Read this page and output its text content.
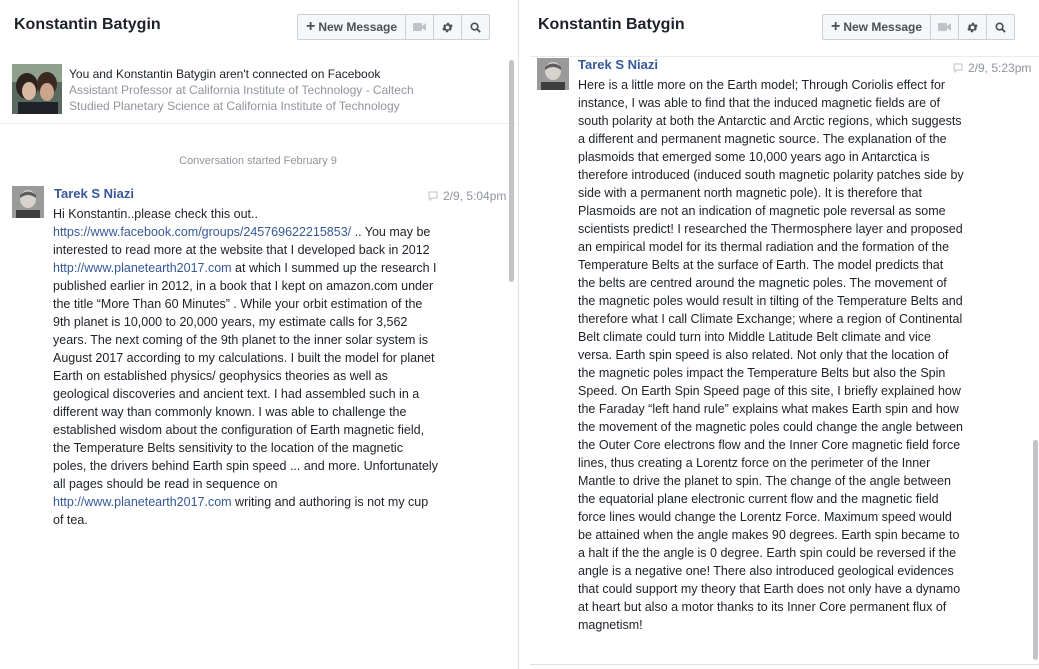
Konstantin Batygin	+ New Message
You and Konstantin Batygin aren't connected on Facebook
Assistant Professor at California Institute of Technology - Caltech
Studied Planetary Science at California Institute of Technology
Conversation started February 9
Tarek S Niazi	2/9, 5:04pm
Hi Konstantin..please check this out..
https://www.facebook.com/groups/245769622215853/ .. You may be
interested to read more at the website that I developed back in 2012
http://www.planetearth2017.com at which I summed up the research I
published earlier in 2012, in a book that I kept on amazon.com under
the title “More Than 60 Minutes” . While your orbit estimation of the
9th planet is 10,000 to 20,000 years, my estimate calls for 3,562
years. The next coming of the 9th planet to the inner solar system is
August 2017 according to my calculations. I built the model for planet
Earth on established physics/ geophysics theories as well as
geological discoveries and ancient text. I had assembled such in a
different way than commonly known. I was able to challenge the
established wisdom about the configuration of Earth magnetic field,
the Temperature Belts sensitivity to the location of the magnetic
poles, the drivers behind Earth spin speed ... and more. Unfortunately
all pages should be read in sequence on
http://www.planetearth2017.com writing and authoring is not my cup
of tea.
Konstantin Batygin	+ New Message
Tarek S Niazi	2/9, 5:23pm
Here is a little more on the Earth model; Through Coriolis effect for
instance, I was able to find that the induced magnetic fields are of
south polarity at both the Antarctic and Arctic regions, which suggests
a different and permanent magnetic source. The explanation of the
plasmoids that emerged some 10,000 years ago in Antarctica is
therefore introduced (induced south magnetic polarity patches side by
side with a permanent north magnetic pole). It is therefore that
Plasmoids are not an indication of magnetic pole reversal as some
scientists predict! I researched the Thermosphere layer and proposed
an empirical model for its thermal radiation and the formation of the
Temperature Belts at the surface of Earth. The model predicts that
the belts are centred around the magnetic poles. The movement of
the magnetic poles would result in tilting of the Temperature Belts and
therefore what I call Climate Exchange; where a region of Continental
Belt climate could turn into Middle Latitude Belt climate and vice
versa. Earth spin speed is also related. Not only that the location of
the magnetic poles impact the Temperature Belts but also the Spin
Speed. On Earth Spin Speed page of this site, I briefly explained how
the Faraday “left hand rule” explains what makes Earth spin and how
the movement of the magnetic poles could change the angle between
the Outer Core electrons flow and the Inner Core magnetic field force
lines, thus creating a Lorentz force on the perimeter of the Inner
Mantle to drive the planet to spin. The change of the angle between
the equatorial plane electronic current flow and the magnetic field
force lines would change the Lorentz Force. Maximum speed would
be attained when the angle makes 90 degrees. Earth spin became to
a halt if the the angle is 0 degree. Earth spin could be reversed if the
angle is a negative one! There also introduced geological evidences
that could support my theory that Earth does not only have a dynamo
at heart but also a motor thanks to its Inner Core permanent flux of
magnetism!
